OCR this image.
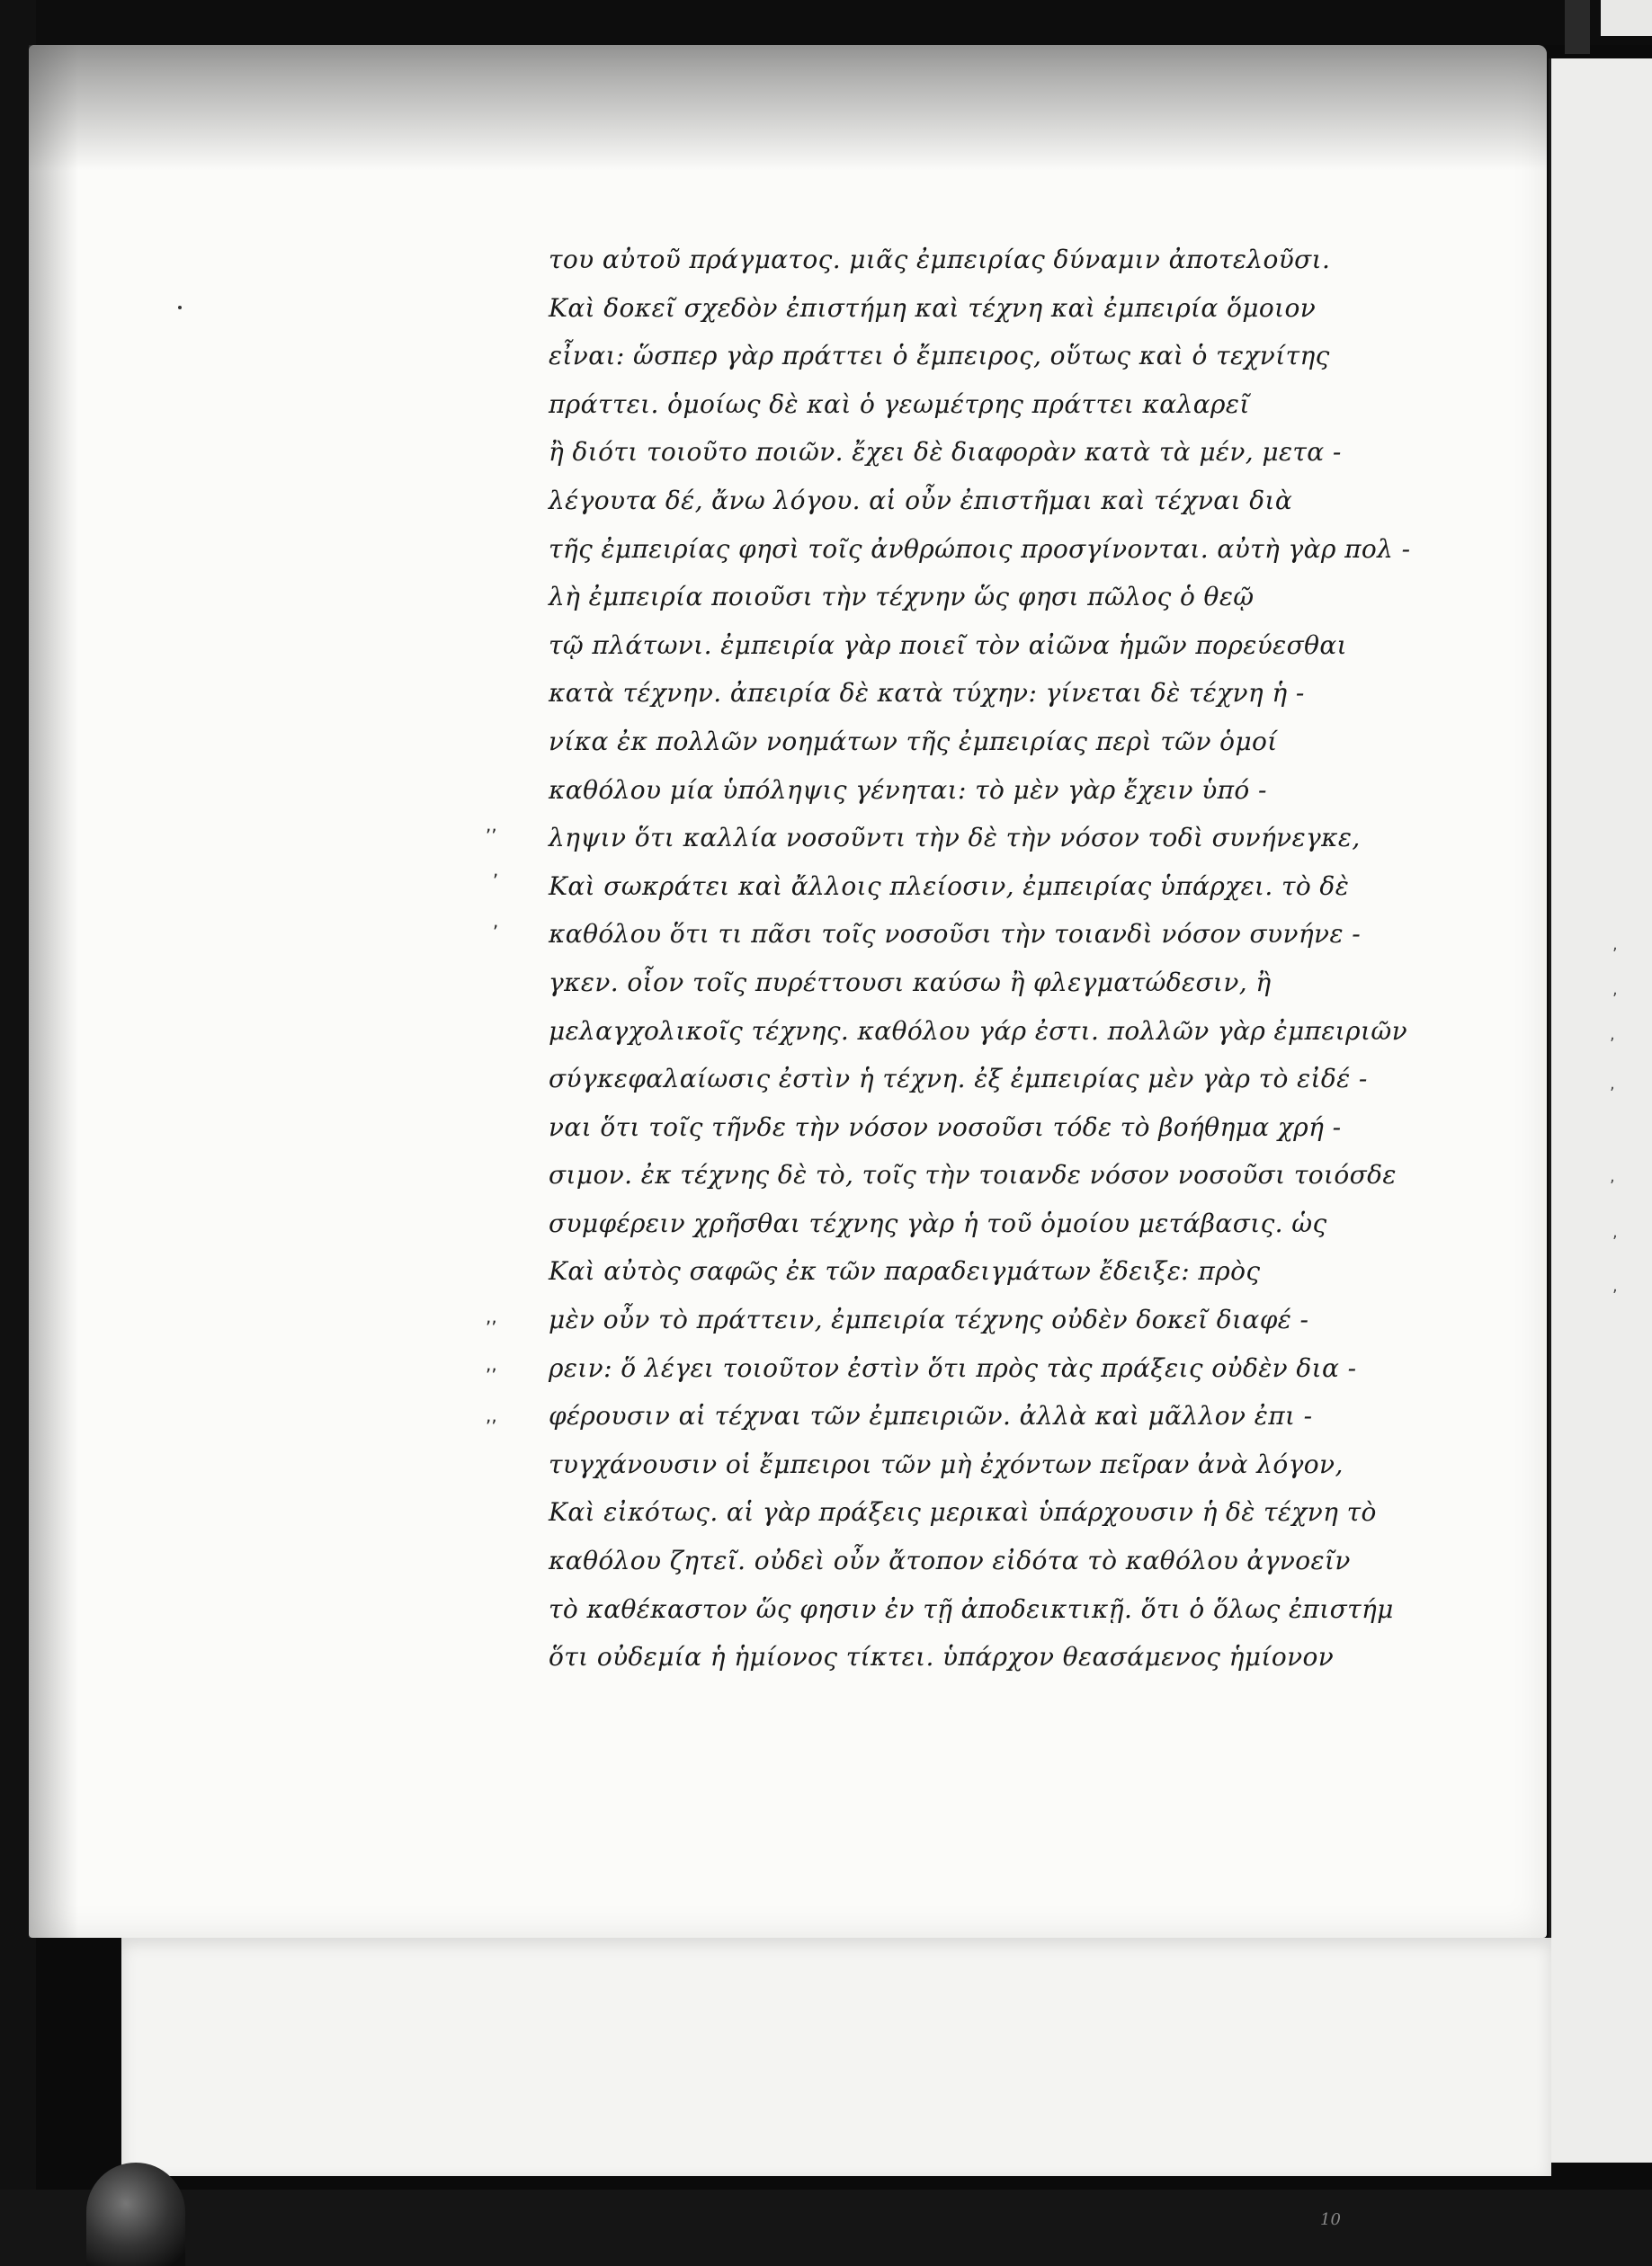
του αὐτοῦ πράγματος. μιᾶς ἐμπειρίας δύναμιν ἀποτελοῦσι.
Καὶ δοκεῖ σχεδὸν ἐπιστήμη καὶ τέχνη καὶ ἐμπειρία ὅμοιον
εἶναι: ὥσπερ γὰρ πράττει ὁ ἔμπειρος, οὕτως καὶ ὁ τεχνίτης
πράττει. ὁμοίως δὲ καὶ ὁ γεωμέτρης πράττει καλαρεῖ
ἢ διότι τοιοῦτο ποιῶν. ἔχει δὲ διαφορὰν κατὰ τὰ μέν, μετα -
λέγουτα δέ, ἄνω λόγου. αἱ οὖν ἐπιστῆμαι καὶ τέχναι διὰ
τῆς ἐμπειρίας φησὶ τοῖς ἀνθρώποις προσγίνονται. αὐτὴ γὰρ πολ -
λὴ ἐμπειρία ποιοῦσι τὴν τέχνην ὥς φησι πῶλος ὁ θεῷ
τῷ πλάτωνι. ἐμπειρία γὰρ ποιεῖ τὸν αἰῶνα ἡμῶν πορεύεσθαι
κατὰ τέχνην. ἀπειρία δὲ κατὰ τύχην: γίνεται δὲ τέχνη ἡ -
νίκα ἐκ πολλῶν νοημάτων τῆς ἐμπειρίας περὶ τῶν ὁμοί
καθόλου μία ὑπόληψις γένηται: τὸ μὲν γὰρ ἔχειν ὑπό -
ληψιν ὅτι καλλία νοσοῦντι τὴν δὲ τὴν νόσον τοδὶ συνήνεγκε,
Καὶ σωκράτει καὶ ἄλλοις πλείοσιν, ἐμπειρίας ὑπάρχει. τὸ δὲ
καθόλου ὅτι τι πᾶσι τοῖς νοσοῦσι τὴν τοιανδὶ νόσον συνήνε -
γκεν. οἷον τοῖς πυρέττουσι καύσω ἢ φλεγματώδεσιν, ἢ
μελαγχολικοῖς τέχνης. καθόλου γάρ ἐστι. πολλῶν γὰρ ἐμπειριῶν
σύγκεφαλαίωσις ἐστὶν ἡ τέχνη. ἐξ ἐμπειρίας μὲν γὰρ τὸ εἰδέ -
ναι ὅτι τοῖς τῆνδε τὴν νόσον νοσοῦσι τόδε τὸ βοήθημα χρή -
σιμον. ἐκ τέχνης δὲ τὸ, τοῖς τὴν τοιανδε νόσον νοσοῦσι τοιόσδε
συμφέρειν χρῆσθαι τέχνης γὰρ ἡ τοῦ ὁμοίου μετάβασις. ὡς
Καὶ αὐτὸς σαφῶς ἐκ τῶν παραδειγμάτων ἔδειξε: πρὸς
μὲν οὖν τὸ πράττειν, ἐμπειρία τέχνης οὐδὲν δοκεῖ διαφέ -
ρειν: ὅ λέγει τοιοῦτον ἐστὶν ὅτι πρὸς τὰς πράξεις οὐδὲν δια -
φέρουσιν αἱ τέχναι τῶν ἐμπειριῶν. ἀλλὰ καὶ μᾶλλον ἐπι -
τυγχάνουσιν οἱ ἔμπειροι τῶν μὴ ἐχόντων πεῖραν ἀνὰ λόγον,
Καὶ εἰκότως. αἱ γὰρ πράξεις μερικαὶ ὑπάρχουσιν ἡ δὲ τέχνη τὸ
καθόλου ζητεῖ. οὐδεὶ οὖν ἄτοπον εἰδότα τὸ καθόλου ἀγνοεῖν
τὸ καθέκαστον ὥς φησιν ἐν τῇ ἀποδεικτικῇ. ὅτι ὁ ὅλως ἐπιστήμ
ὅτι οὐδεμία ἡ ἡμίονος τίκτει. ὑπάρχον θεασάμενος ἡμίονον
,,
,
,
,,
,,
,,
,
,
,
,
,
,
,
10
